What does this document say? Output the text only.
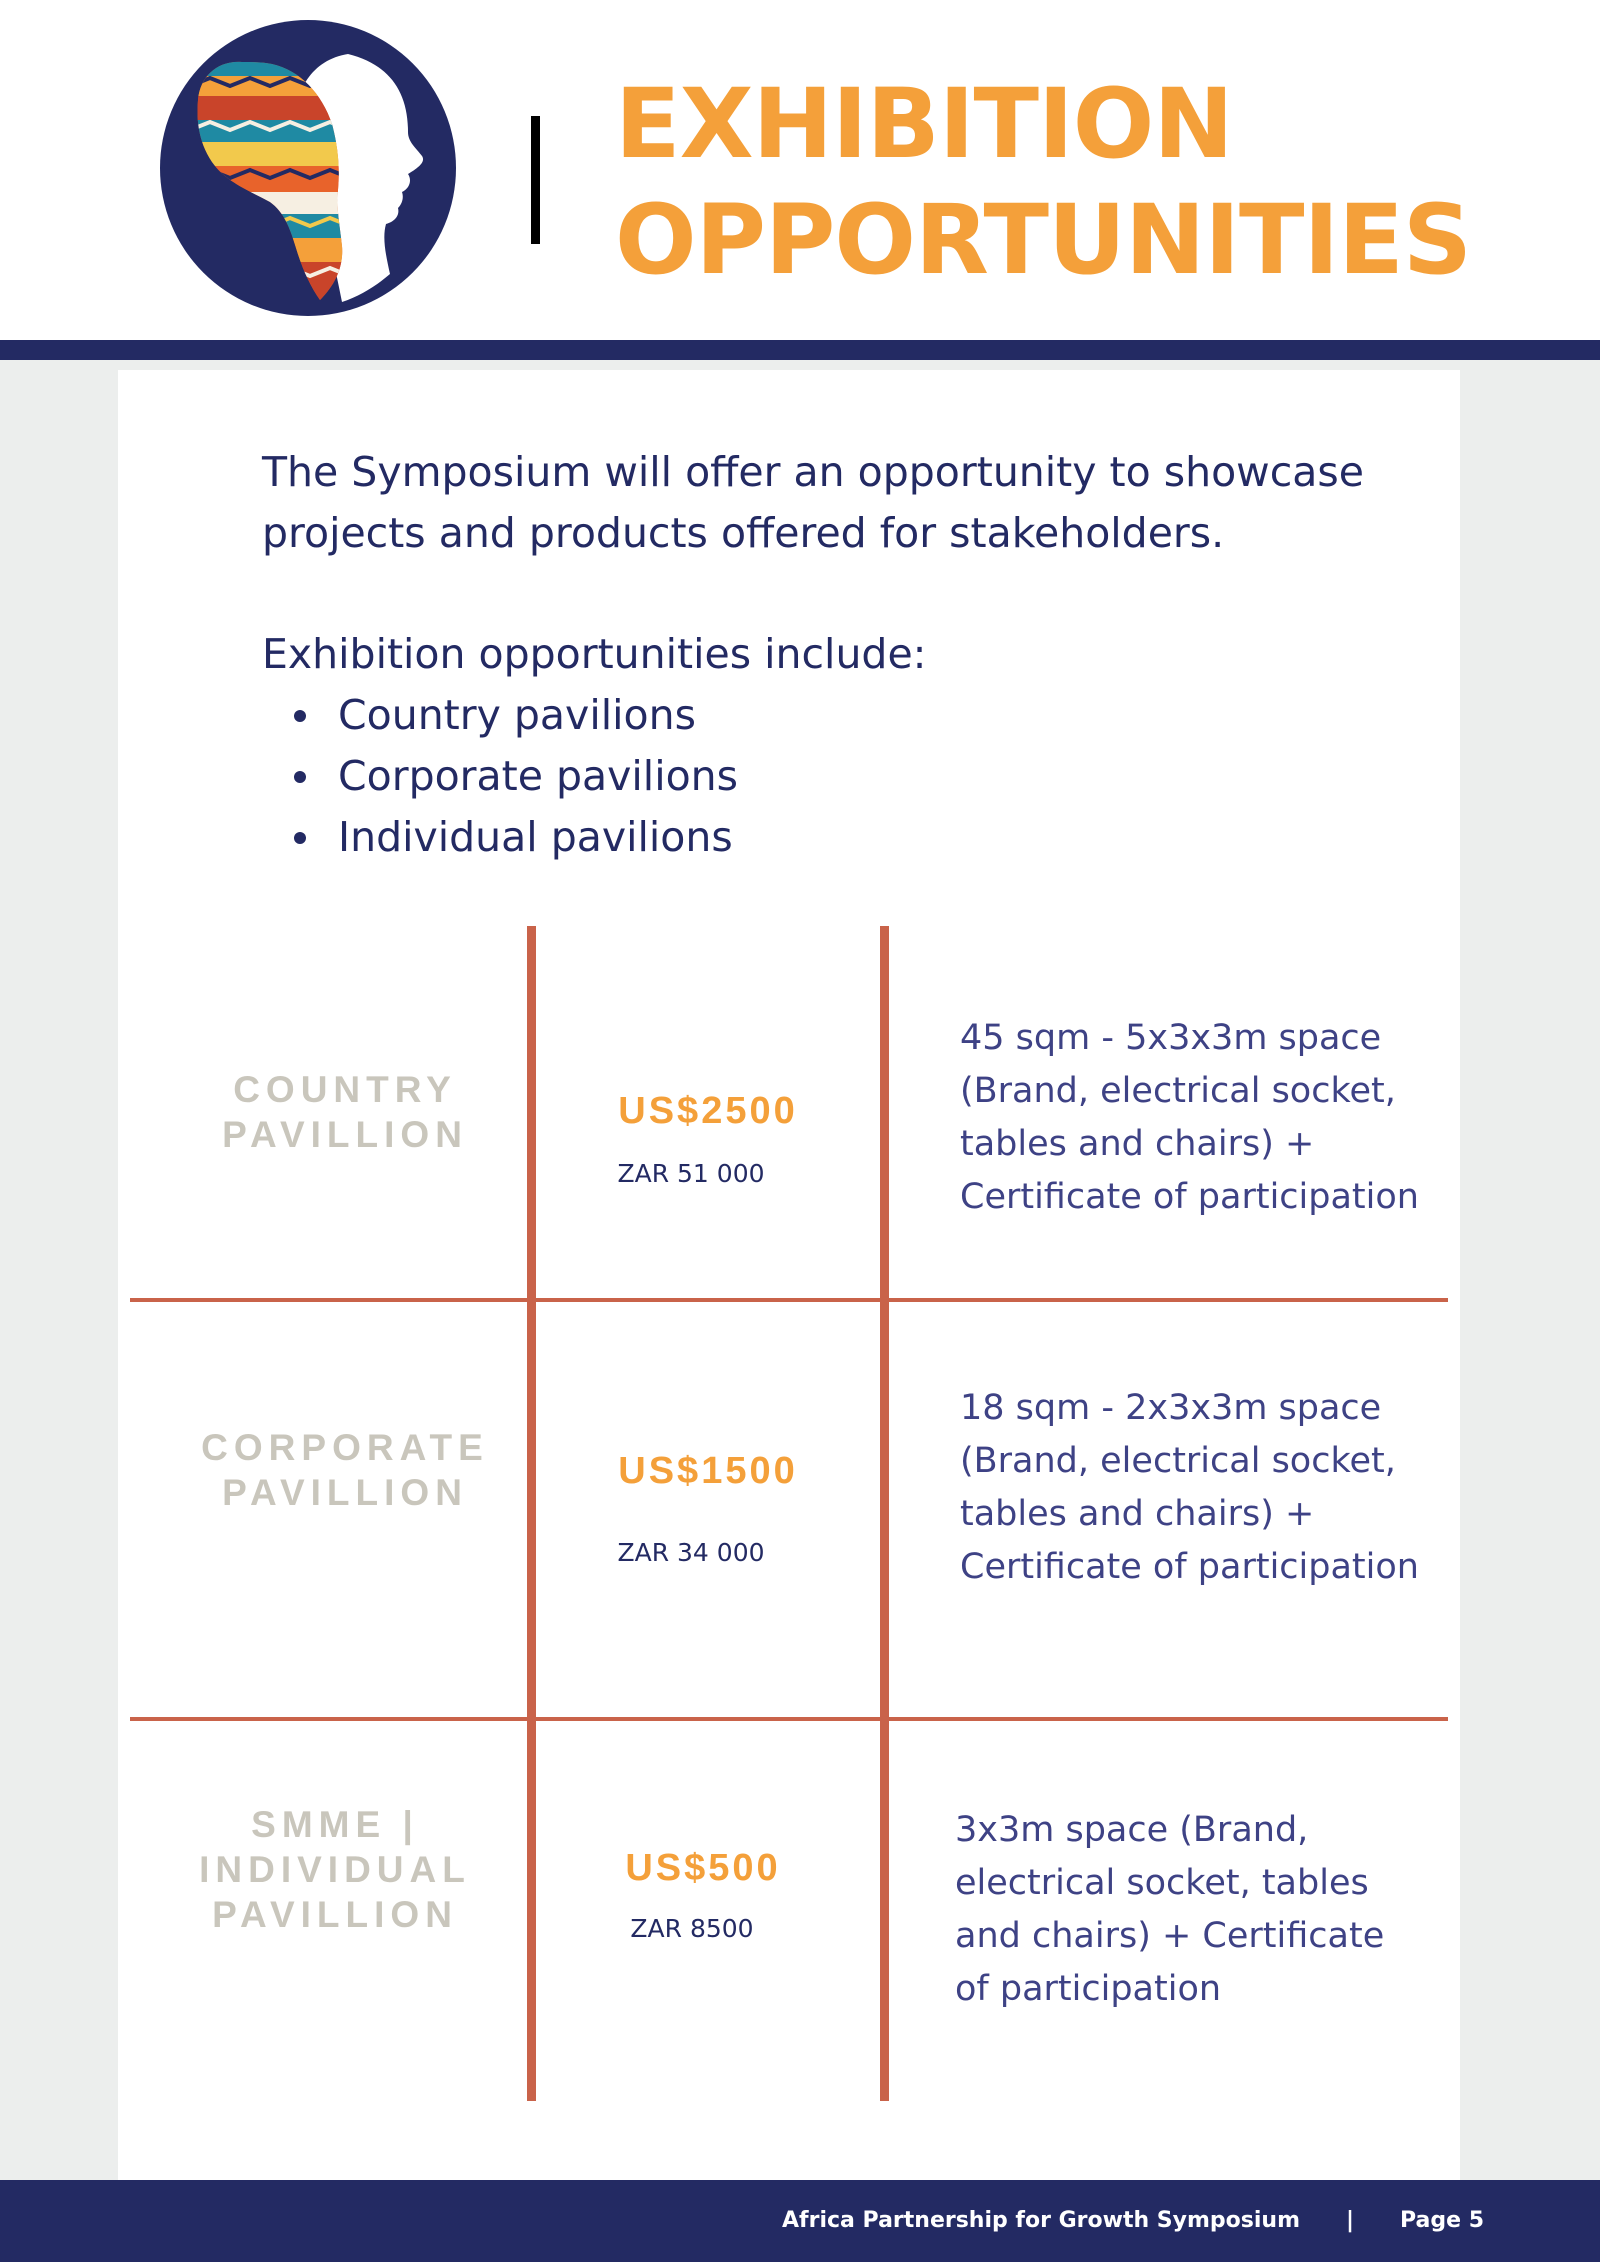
EXHIBITION
OPPORTUNITIES

The Symposium will offer an opportunity to showcase projects and products offered for stakeholders.

Exhibition opportunities include:

Country pavilions
Corporate pavilions
Individual pavilions

COUNTRY
PAVILLION

US$2500

ZAR 51 000

45 sqm - 5x3x3m space (Brand, electrical socket, tables and chairs) + Certificate of participation

CORPORATE
PAVILLION

US$1500

ZAR 34 000

18 sqm - 2x3x3m space (Brand, electrical socket, tables and chairs) + Certificate of participation

SMME |
INDIVIDUAL
PAVILLION

US$500

ZAR 8500

3x3m space (Brand, electrical socket, tables and chairs) + Certificate of participation

Africa Partnership for Growth Symposium | Page 5
